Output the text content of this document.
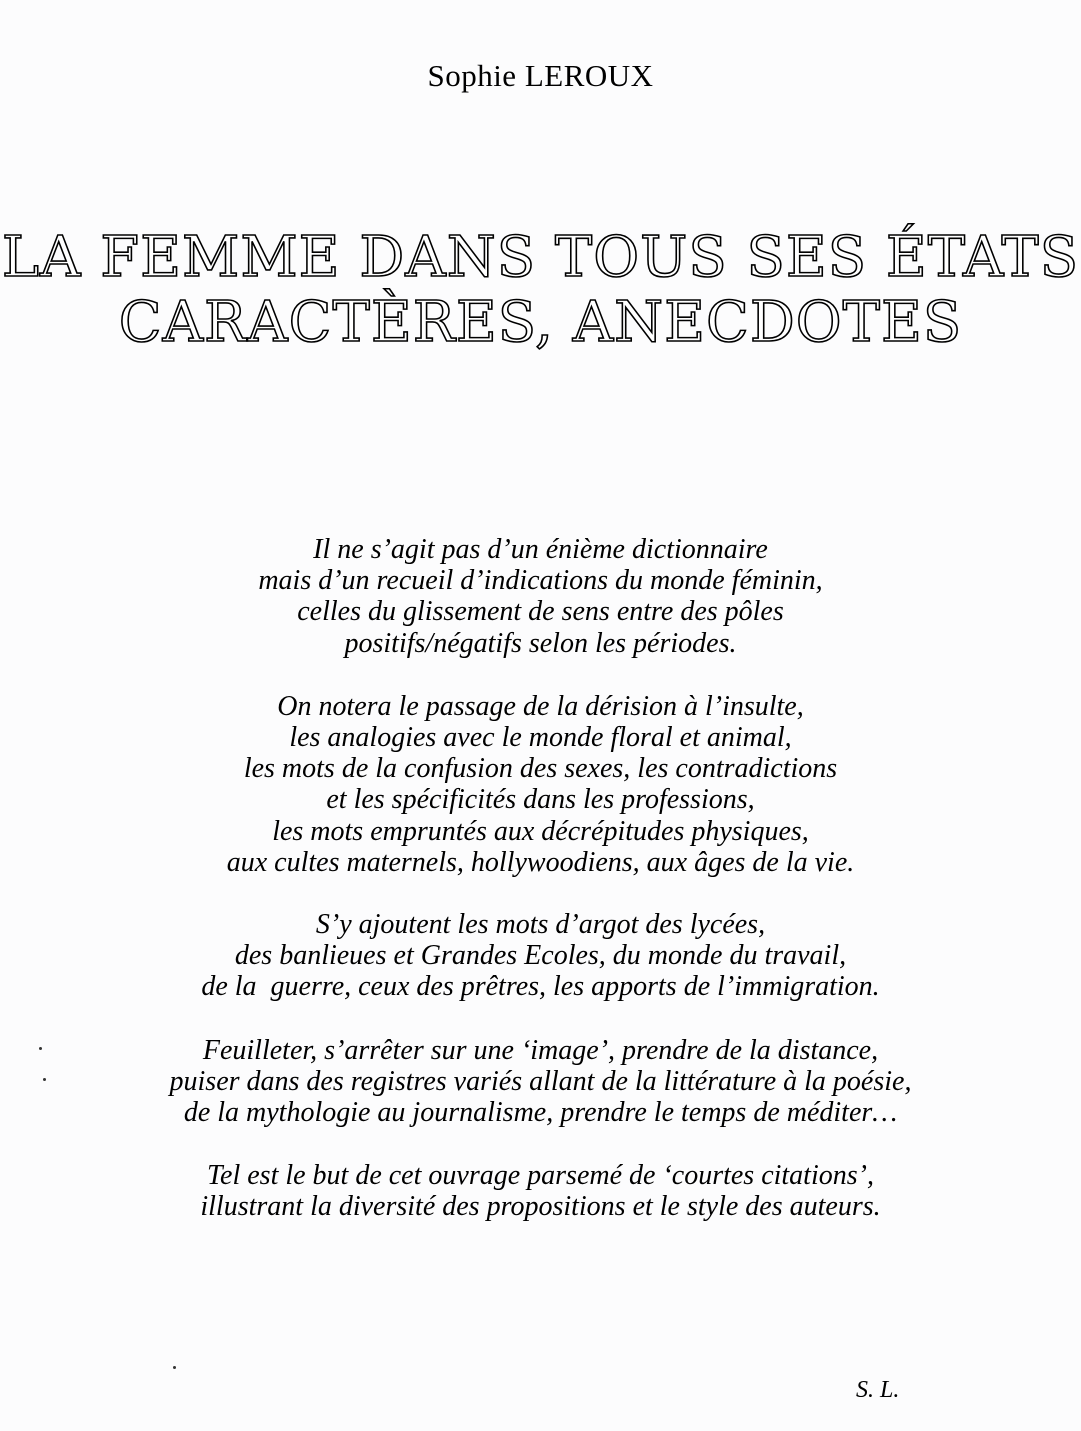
Sophie LEROUX
LA FEMME DANS TOUS SES ÉTATS
CARACTÈRES, ANECDOTES

Il ne s’agit pas d’un énième dictionnaire
mais d’un recueil d’indications du monde féminin,
celles du glissement de sens entre des pôles
positifs/négatifs selon les périodes.

On notera le passage de la dérision à l’insulte,
les analogies avec le monde floral et animal,
les mots de la confusion des sexes, les contradictions
et les spécificités dans les professions,
les mots empruntés aux décrépitudes physiques,
aux cultes maternels, hollywoodiens, aux âges de la vie.

S’y ajoutent les mots d’argot des lycées,
des banlieues et Grandes Ecoles, du monde du travail,
de la  guerre, ceux des prêtres, les apports de l’immigration.

Feuilleter, s’arrêter sur une ‘image’, prendre de la distance,
puiser dans des registres variés allant de la littérature à la poésie,
de la mythologie au journalisme, prendre le temps de méditer…

Tel est le but de cet ouvrage parsemé de ‘courtes citations’,
illustrant la diversité des propositions et le style des auteurs.

S. L.
